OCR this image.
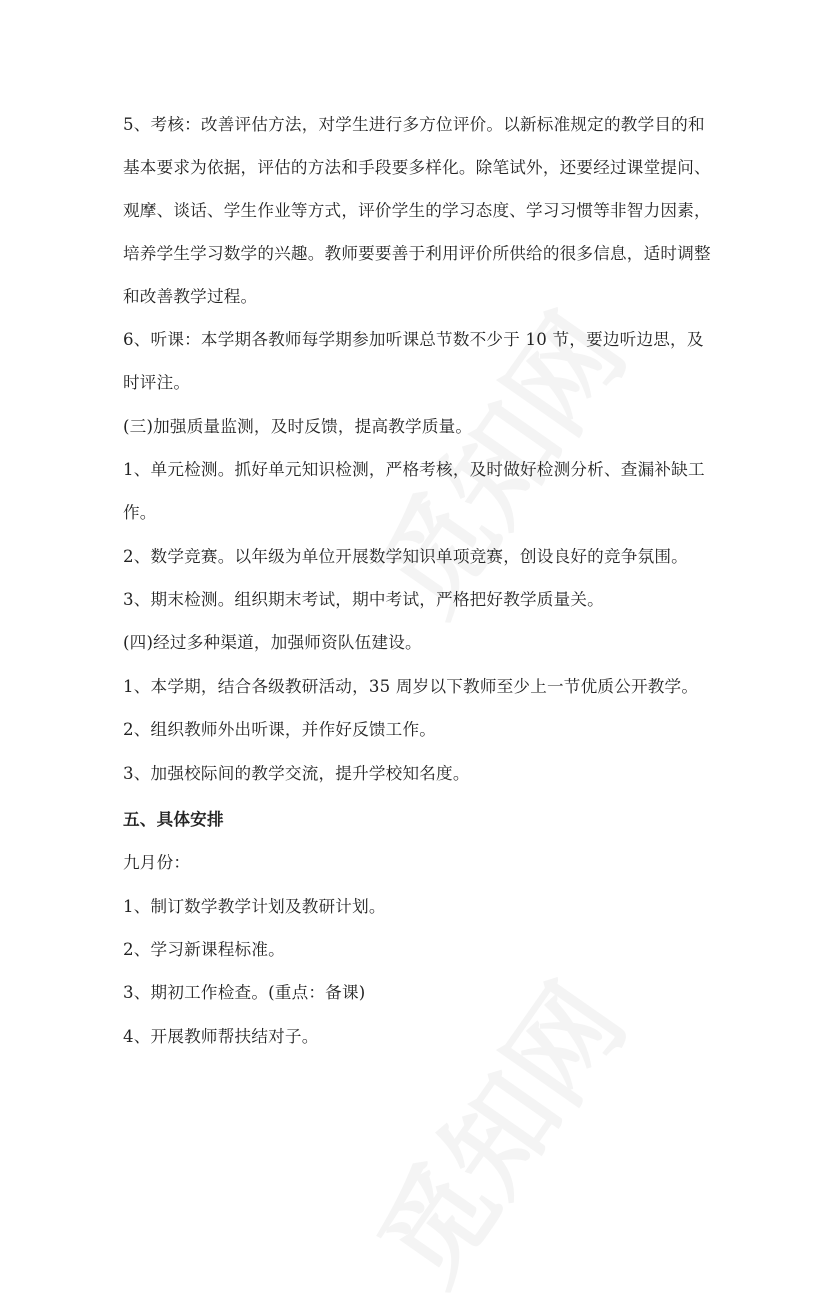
5、考核：改善评估方法，对学生进行多方位评价。以新标准规定的教学目的和
基本要求为依据，评估的方法和手段要多样化。除笔试外，还要经过课堂提问、
观摩、谈话、学生作业等方式，评价学生的学习态度、学习习惯等非智力因素，
培养学生学习数学的兴趣。教师要要善于利用评价所供给的很多信息，适时调整
和改善教学过程。
6、听课：本学期各教师每学期参加听课总节数不少于 10 节，要边听边思，及
时评注。
(三)加强质量监测，及时反馈，提高教学质量。
1、单元检测。抓好单元知识检测，严格考核，及时做好检测分析、查漏补缺工
作。
2、数学竞赛。以年级为单位开展数学知识单项竞赛，创设良好的竞争氛围。
3、期末检测。组织期末考试，期中考试，严格把好教学质量关。
(四)经过多种渠道，加强师资队伍建设。
1、本学期，结合各级教研活动，35 周岁以下教师至少上一节优质公开教学。
2、组织教师外出听课，并作好反馈工作。
3、加强校际间的教学交流，提升学校知名度。
五、具体安排
九月份：
1、制订数学教学计划及教研计划。
2、学习新课程标准。
3、期初工作检查。(重点：备课)
4、开展教师帮扶结对子。
